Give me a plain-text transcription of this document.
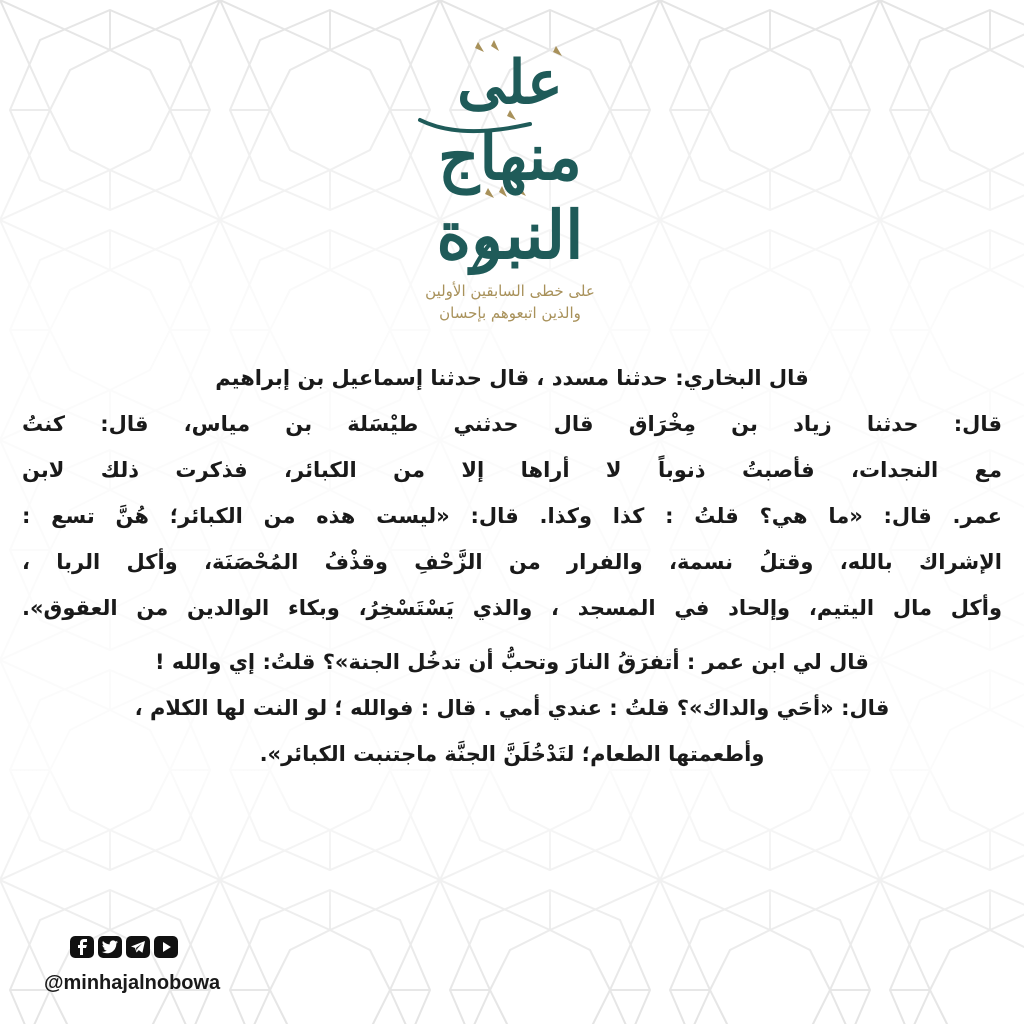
على
منهاج
النبوة
على خطى السابقين الأولين
والذين اتبعوهم بإحسان
قال البخاري: حدثنا مسدد ، قال حدثنا إسماعيل بن إبراهيم
قال: حدثنا زياد بن مِخْرَاق قال حدثني طيْسَلة بن مياس، قال: كنتُ
مع النجدات، فأصبتُ ذنوباً لا أراها إلا من الكبائر، فذكرت ذلك لابن
عمر. قال: «ما هي؟ قلتُ : كذا وكذا. قال: «ليست هذه من الكبائر؛ هُنَّ تسع :
الإشراك بالله، وقتلُ نسمة، والفرار من الزَّحْفِ وقذْفُ المُحْصَنَة، وأكل الربا ،
وأكل مال اليتيم، وإلحاد في المسجد ، والذي يَسْتَسْخِرُ، وبكاء الوالدين من العقوق».
قال لي ابن عمر : أتفرَقُ النارَ وتحبُّ أن تدخُل الجنة»؟ قلتُ: إي والله !
قال: «أحَي والداك»؟ قلتُ : عندي أمي . قال : فوالله ؛ لو النت لها الكلام ،
وأطعمتها الطعام؛ لتَدْخُلَنَّ الجنَّة ماجتنبت الكبائر».
@minhajalnobowa
